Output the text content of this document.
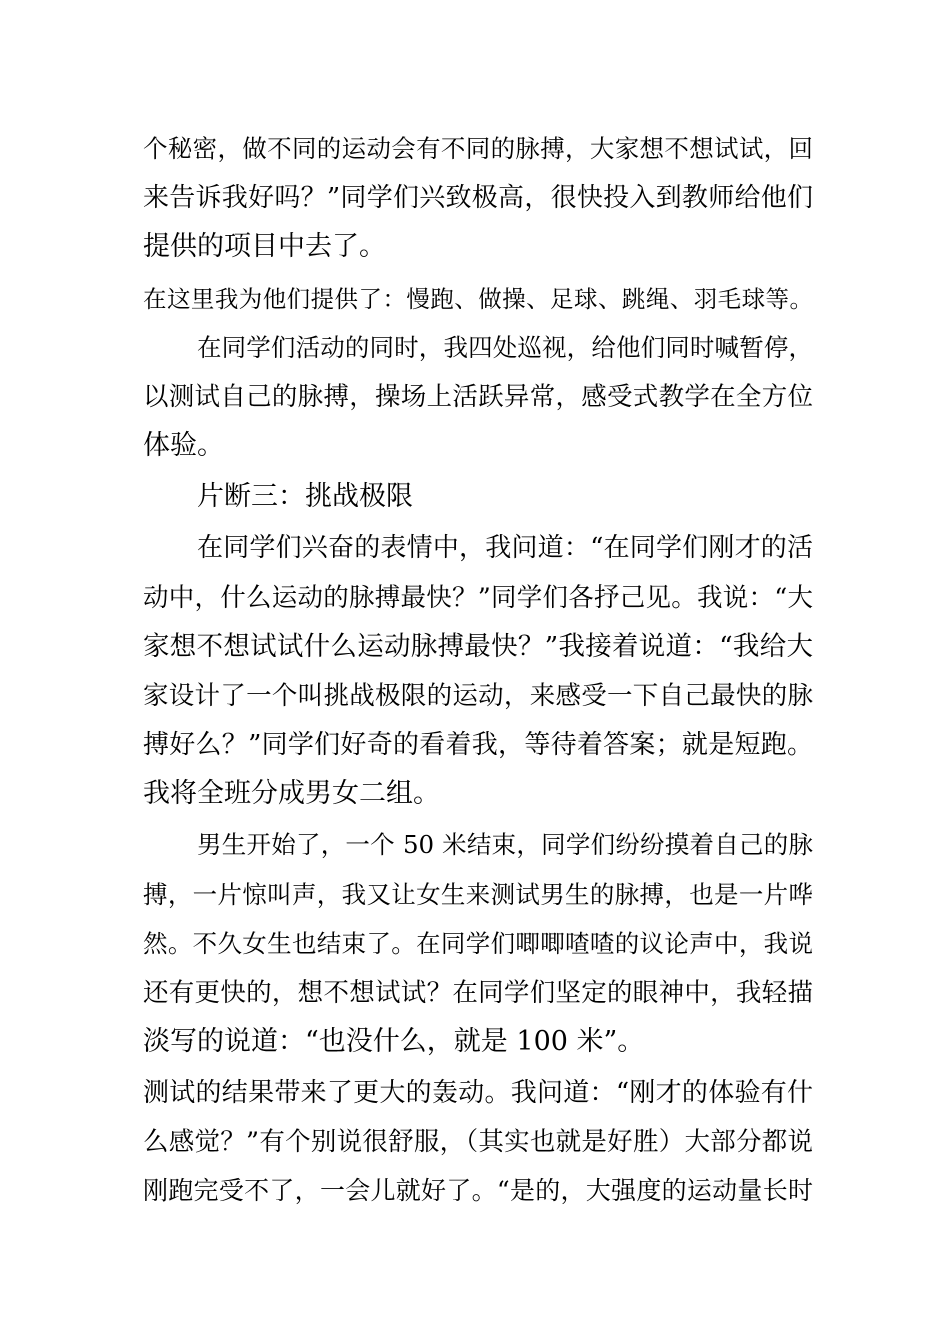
个秘密，做不同的运动会有不同的脉搏，大家想不想试试，回
来告诉我好吗？”同学们兴致极高，很快投入到教师给他们
提供的项目中去了。
在这里我为他们提供了：慢跑、做操、足球、跳绳、羽毛球等。
在同学们活动的同时，我四处巡视，给他们同时喊暂停，
以测试自己的脉搏，操场上活跃异常，感受式教学在全方位
体验。
片断三：挑战极限
在同学们兴奋的表情中，我问道：“在同学们刚才的活
动中，什么运动的脉搏最快？”同学们各抒己见。我说：“大
家想不想试试什么运动脉搏最快？”我接着说道：“我给大
家设计了一个叫挑战极限的运动，来感受一下自己最快的脉
搏好么？”同学们好奇的看着我，等待着答案；就是短跑。
我将全班分成男女二组。
男生开始了，一个 50 米结束，同学们纷纷摸着自己的脉
搏，一片惊叫声，我又让女生来测试男生的脉搏，也是一片哗
然。不久女生也结束了。在同学们唧唧喳喳的议论声中，我说
还有更快的，想不想试试？在同学们坚定的眼神中，我轻描
淡写的说道：“也没什么，就是 100 米”。
测试的结果带来了更大的轰动。我问道：“刚才的体验有什
么感觉？”有个别说很舒服，（其实也就是好胜）大部分都说
刚跑完受不了，一会儿就好了。“是的，大强度的运动量长时
